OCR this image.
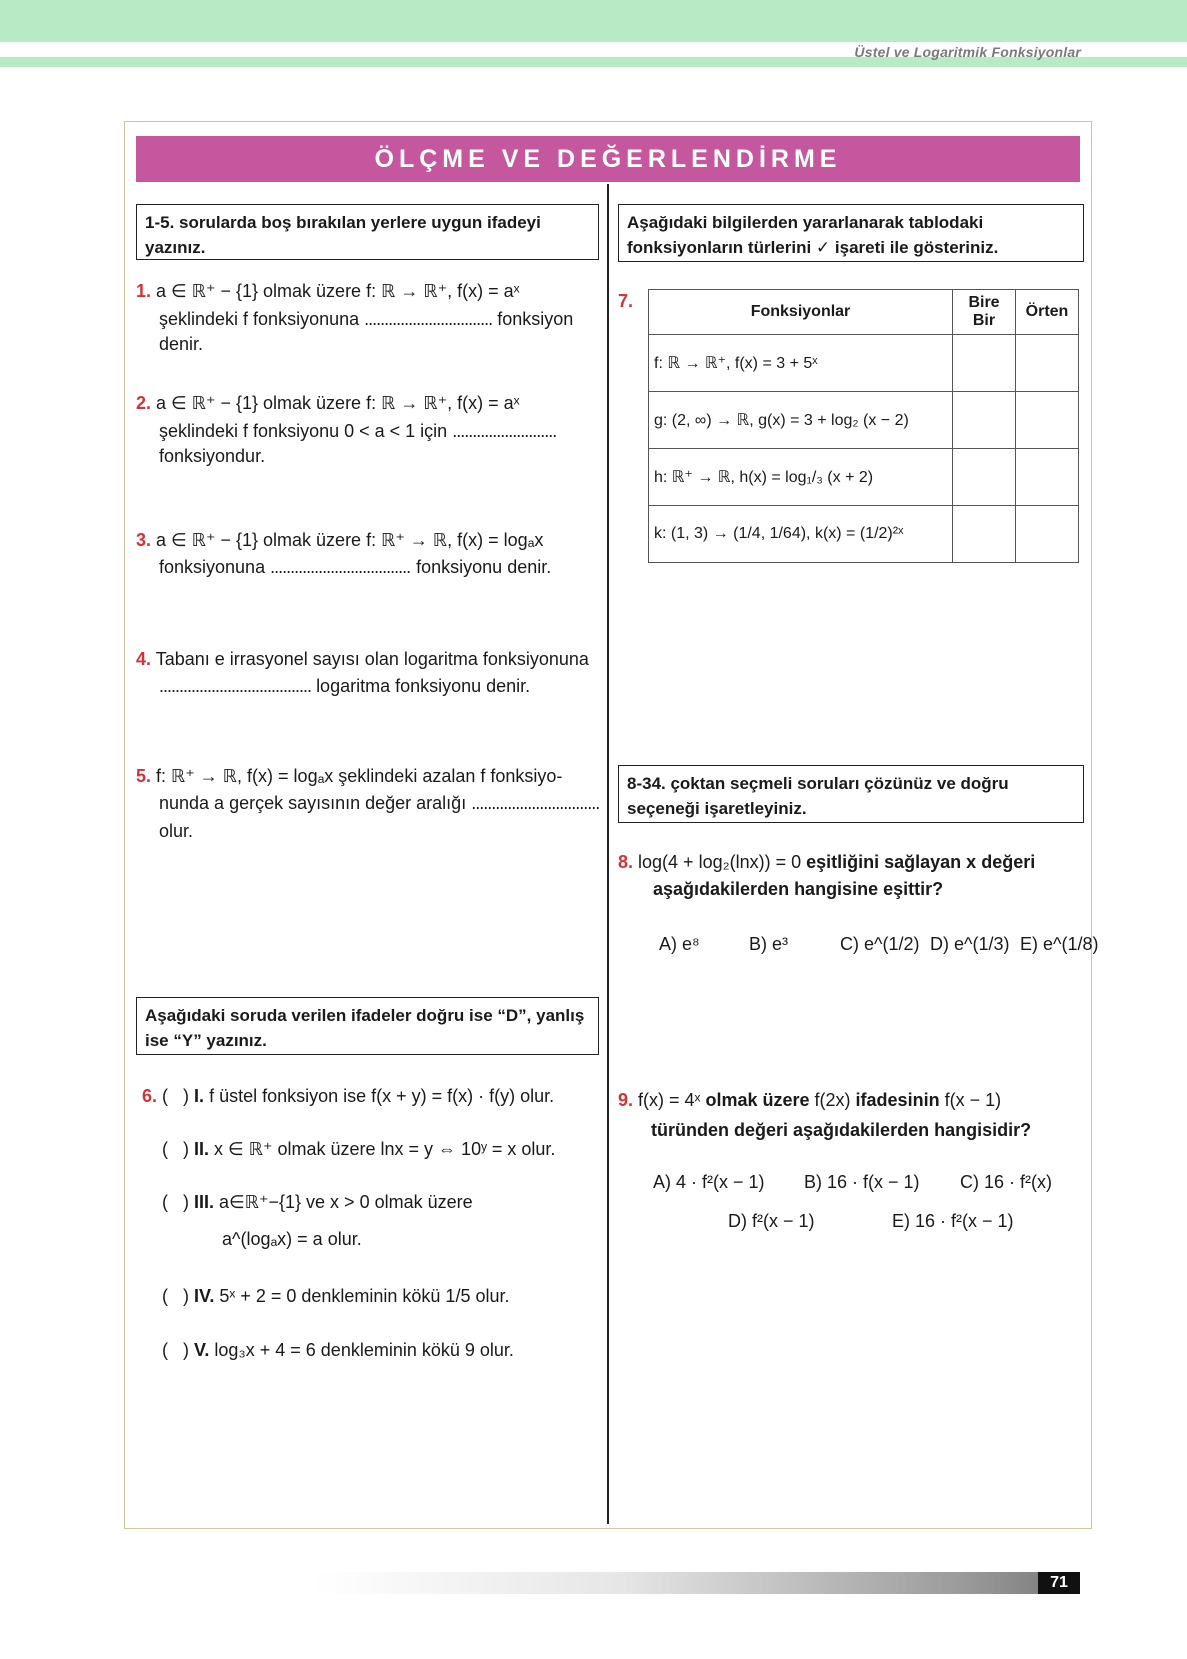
Üstel ve Logaritmik Fonksiyonlar
ÖLÇME VE DEĞERLENDİRME
1-5. sorularda boş bırakılan yerlere uygun ifadeyi yazınız.
1. a ∈ ℝ⁺ − {1} olmak üzere f: ℝ → ℝ⁺, f(x) = aˣ
şeklindeki f fonksiyonuna ................................ fonksiyon
denir.
2. a ∈ ℝ⁺ − {1} olmak üzere f: ℝ → ℝ⁺, f(x) = aˣ
şeklindeki f fonksiyonu 0 < a < 1 için ..........................
fonksiyondur.
3. a ∈ ℝ⁺ − {1} olmak üzere f: ℝ⁺ → ℝ, f(x) = logₐx
fonksiyonuna ................................... fonksiyonu denir.
4. Tabanı e irrasyonel sayısı olan logaritma fonksiyonuna
...................................... logaritma fonksiyonu denir.
5. f: ℝ⁺ → ℝ, f(x) = logₐx şeklindeki azalan f fonksiyo-
nunda a gerçek sayısının değer aralığı ................................
olur.
Aşağıdaki soruda verilen ifadeler doğru ise “D”, yanlış ise “Y” yazınız.
6. (   ) I. f üstel fonksiyon ise f(x + y) = f(x) · f(y) olur.
(   ) II. x ∈ ℝ⁺ olmak üzere lnx = y ⇔ 10ʸ = x olur.
(   ) III. a∈ℝ⁺−{1} ve x > 0 olmak üzere
a^(logₐx) = a olur.
(   ) IV. 5ˣ + 2 = 0 denkleminin kökü 1/5 olur.
(   ) V. log₃x + 4 = 6 denkleminin kökü 9 olur.
Aşağıdaki bilgilerden yararlanarak tablodaki fonksiyonların türlerini ✓ işareti ile gösteriniz.
7.
Fonksiyonlar	Bire Bir	Örten
f: ℝ → ℝ⁺, f(x) = 3 + 5ˣ		
g: (2, ∞) → ℝ, g(x) = 3 + log₂ (x − 2)		
h: ℝ⁺ → ℝ, h(x) = log₁/₃ (x + 2)		
k: (1, 3) → (1/4, 1/64), k(x) = (1/2)²ˣ		
8-34. çoktan seçmeli soruları çözünüz ve doğru seçeneği işaretleyiniz.
8. log(4 + log₂(lnx)) = 0 eşitliğini sağlayan x değeri
aşağıdakilerden hangisine eşittir?
A) e⁸	B) e³	C) e^(1/2) D) e^(1/3) E) e^(1/8)
9. f(x) = 4ˣ olmak üzere f(2x) ifadesinin f(x − 1)
türünden değeri aşağıdakilerden hangisidir?
A) 4 · f²(x − 1) B) 16 · f(x − 1) C) 16 · f²(x)
D) f²(x − 1)	E) 16 · f²(x − 1)
71
